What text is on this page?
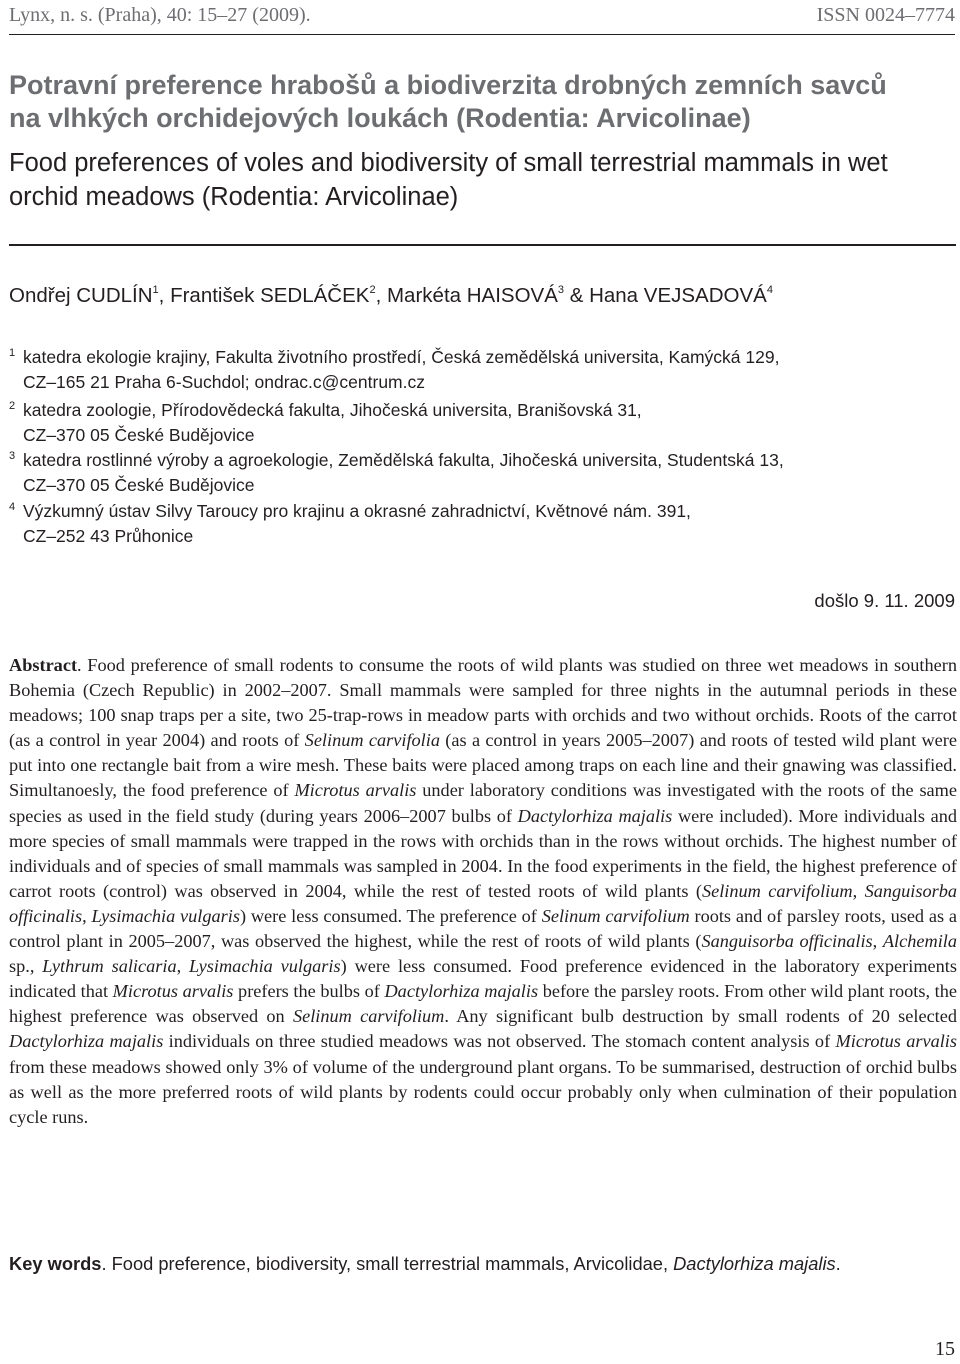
Lynx, n. s. (Praha), 40: 15–27 (2009).	ISSN 0024–7774
Potravní preference hrabošů a biodiverzita drobných zemních savců
na vlhkých orchidejových loukách (Rodentia: Arvicolinae)
Food preferences of voles and biodiversity of small terrestrial mammals in wet
orchid meadows (Rodentia: Arvicolinae)
Ondřej CUDLÍN$^1$, František SEDLÁČEK$^2$, Markéta HAISOVÁ$^3$ & Hana VEJSADOVÁ$^4$
1 katedra ekologie krajiny, Fakulta životního prostředí, Česká zemědělská universita, Kamýcká 129,
CZ–165 21 Praha 6-Suchdol; ondrac.c@centrum.cz
2 katedra zoologie, Přírodovědecká fakulta, Jihočeská universita, Branišovská 31,
CZ–370 05 České Budějovice
3 katedra rostlinné výroby a agroekologie, Zemědělská fakulta, Jihočeská universita, Studentská 13,
CZ–370 05 České Budějovice
4 Výzkumný ústav Silvy Taroucy pro krajinu a okrasné zahradnictví, Květnové nám. 391,
CZ–252 43 Průhonice
došlo 9. 11. 2009
Abstract. Food preference of small rodents to consume the roots of wild plants was studied on three wet meadows in southern Bohemia (Czech Republic) in 2002–2007. Small mammals were sampled for three nights in the autumnal periods in these meadows; 100 snap traps per a site, two 25-trap-rows in meadow parts with orchids and two without orchids. Roots of the carrot (as a control in year 2004) and roots of Selinum carvifolia (as a control in years 2005–2007) and roots of tested wild plant were put into one rectangle bait from a wire mesh. These baits were placed among traps on each line and their gnawing was classified. Simultanoesly, the food preference of Microtus arvalis under laboratory conditions was investigated with the roots of the same species as used in the field study (during years 2006–2007 bulbs of Dactylorhiza majalis were included). More individuals and more species of small mammals were trapped in the rows with orchids than in the rows without orchids. The highest number of individuals and of species of small mammals was sampled in 2004. In the food experiments in the field, the highest preference of carrot roots (control) was observed in 2004, while the rest of tested roots of wild plants (Selinum carvifolium, Sanguisorba officinalis, Lysimachia vulgaris) were less consumed. The preference of Selinum carvifolium roots and of parsley roots, used as a control plant in 2005–2007, was observed the highest, while the rest of roots of wild plants (Sanguisorba officinalis, Alchemila sp., Lythrum salicaria, Lysimachia vulgaris) were less consumed. Food preference evidenced in the laboratory experiments indicated that Microtus arvalis prefers the bulbs of Dactylorhiza majalis before the parsley roots. From other wild plant roots, the highest preference was observed on Selinum carvifolium. Any significant bulb destruction by small rodents of 20 selected Dactylorhiza majalis individuals on three studied meadows was not observed. The stomach content analysis of Microtus arvalis from these meadows showed only 3% of volume of the underground plant organs. To be summarised, destruction of orchid bulbs as well as the more preferred roots of wild plants by rodents could occur probably only when culmination of their population cycle runs.
Key words. Food preference, biodiversity, small terrestrial mammals, Arvicolidae, Dactylorhiza majalis.
15
